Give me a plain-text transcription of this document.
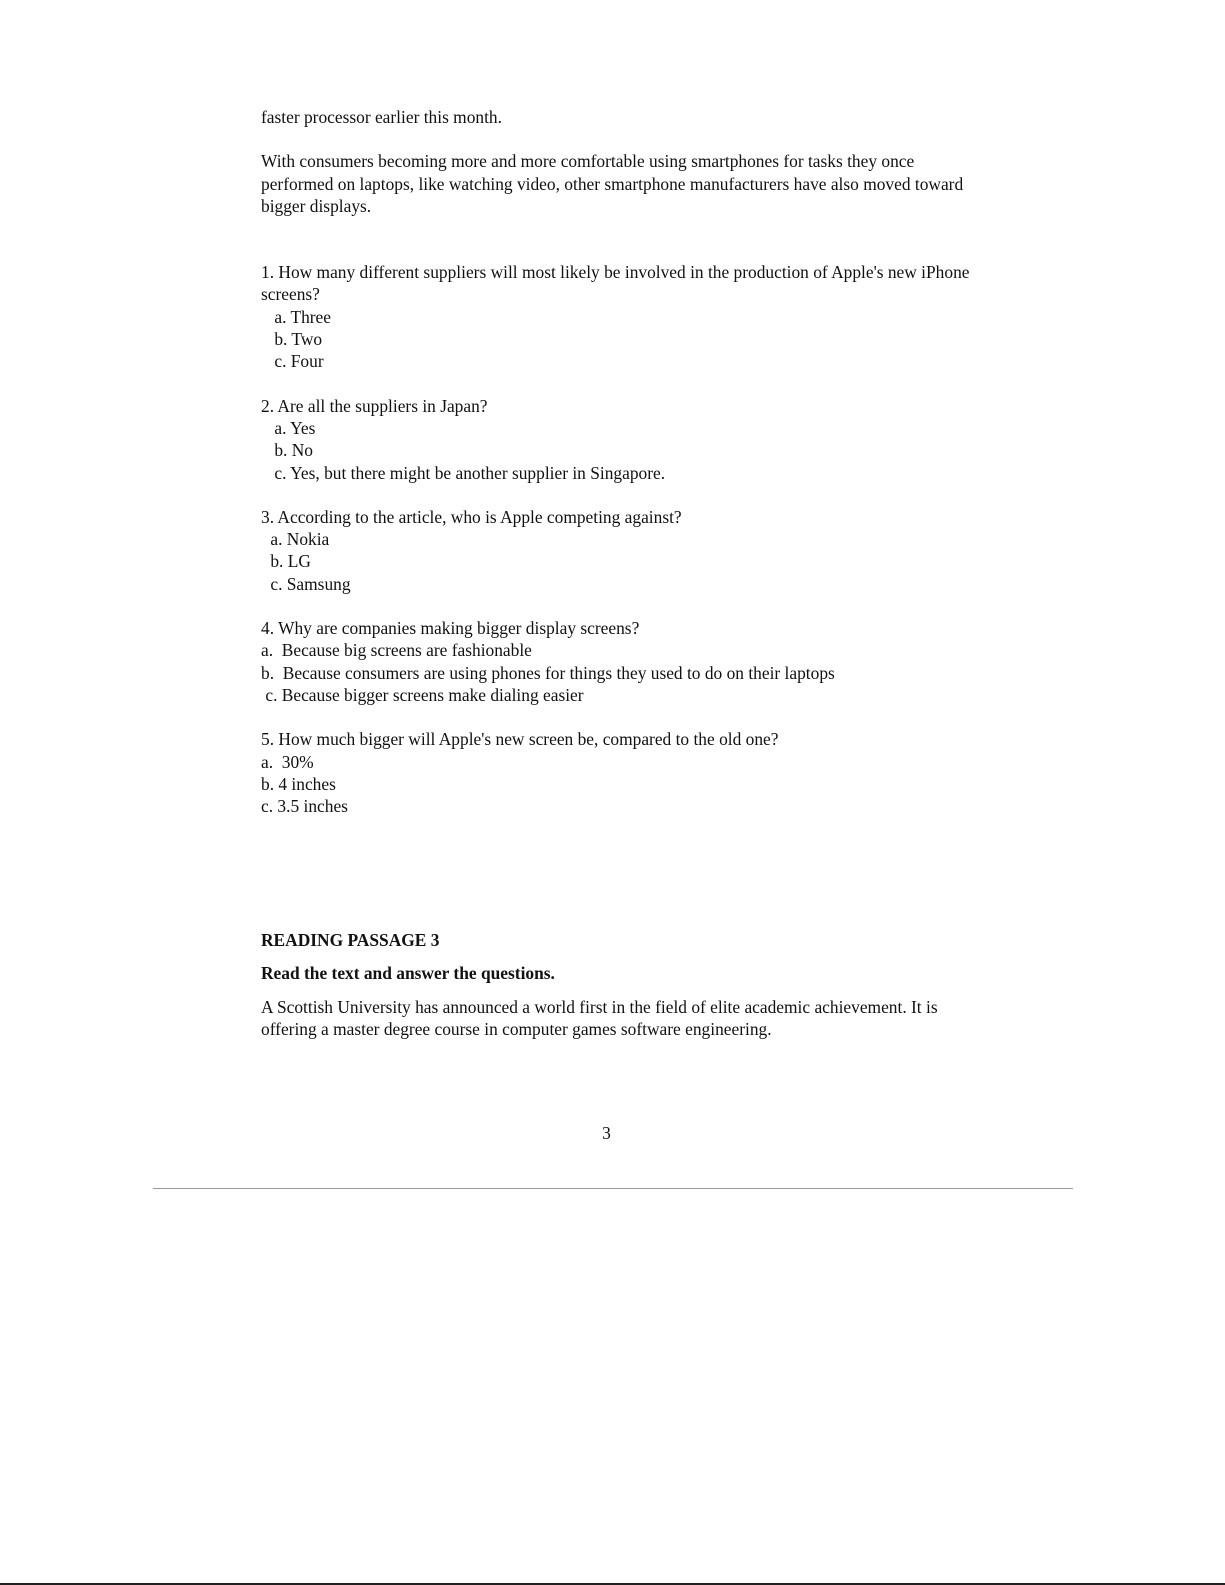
faster processor earlier this month.

With consumers becoming more and more comfortable using smartphones for tasks they once performed on laptops, like watching video, other smartphone manufacturers have also moved toward bigger displays.

1. How many different suppliers will most likely be involved in the production of Apple's new iPhone screens?

a. Three

b. Two

c. Four

2. Are all the suppliers in Japan?

a. Yes

b. No

c. Yes, but there might be another supplier in Singapore.

3. According to the article, who is Apple competing against?

a. Nokia

b. LG

c. Samsung

4. Why are companies making bigger display screens?

a.  Because big screens are fashionable

b.  Because consumers are using phones for things they used to do on their laptops

c. Because bigger screens make dialing easier

5. How much bigger will Apple's new screen be, compared to the old one?

a.  30%

b. 4 inches

c. 3.5 inches

READING PASSAGE 3

Read the text and answer the questions.

A Scottish University has announced a world first in the field of elite academic achievement. It is offering a master degree course in computer games software engineering.

3
